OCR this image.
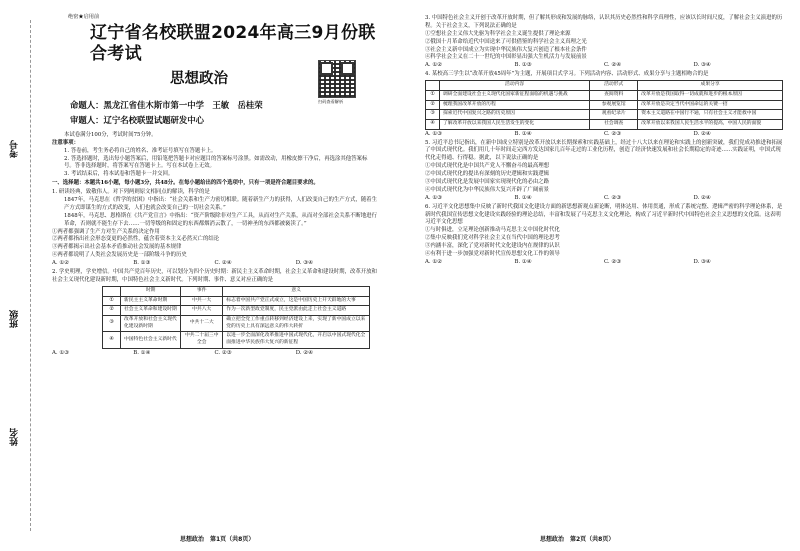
考号
班级
姓名
绝密★启用前
辽宁省名校联盟2024年高三9月份联合考试
思想政治
扫码查看解析
命题人：黑龙江省佳木斯市第一中学　王敏　岳桂荣
审题人：辽宁名校联盟试题研发中心
本试卷满分100分，考试时间75分钟。
注意事项：
1. 答卷前，考生务必将自己的姓名、准考证号填写在答题卡上。
2. 答选择题时，选出每小题答案后，用铅笔把答题卡对应题目的答案标号涂黑。如需改动，用橡皮擦干净后，再选涂其他答案标号。答非选择题时，将答案写在答题卡上。写在本试卷上无效。
3. 考试结束后，将本试卷和答题卡一并交回。
一、选择题：本题共16小题，每小题3分，共48分。在每小题给出的四个选项中，只有一项是符合题目要求的。
1. 研读经典，致敬伟人。对下列两则原文相同点的解读，科学的是
1847年，马克思在《哲学的贫困》中指出：“社会关系和生产力密切相联。随着新生产力的获得，人们改变自己的生产方式，随着生产方式即谋生的方式的改变，人们也就会改变自己的一切社会关系。”
1848年，马克思、恩格斯在《共产党宣言》中指出：“资产阶级除非对生产工具，从而对生产关系，从而对全部社会关系不断地进行革命，否则就不能生存下去……一切等级的和固定的东西都烟消云散了，一切神圣的东西都被亵渎了。”
①两者都强调了生产力对生产关系的决定作用
②两者都指出社会形态变更的必然性，蕴含着资本主义必然灭亡的结论
③两者都揭示出社会基本矛盾推动社会发展的基本规律
④两者都说明了人类社会发展历史是一部阶级斗争的历史
A. ①②	B. ①③	C. ②④	D. ③④
2. 学史明理，学史增信。中国共产党百年历史，可以划分为四个历史时期：新民主主义革命时期，社会主义革命和建设时期，改革开放和社会主义现代化建设新时期，中国特色社会主义新时代。下列时期、事件、意义对应正确的是
	时期	事件	意义
①	新民主主义革命时期	中共一大	标志着中国共产党正式成立，这是中国历史上开天辟地的大事
②	社会主义革命和建设时期	中共八大	作为一次新型政党制度，民主党派由此走上社会主义道路
③	改革开放和社会主义现代化建设新时期	中共十二大	确立把全党工作重点转移到经济建设上来，实现了新中国成立以来党的历史上具有深远意义的伟大转折
④	中国特色社会主义新时代	中共二十届三中全会	以进一步全面深化改革推进中国式现代化，开启以中国式现代化全面推进中华民族伟大复兴的新征程
A. ①③	B. ①④	C. ②③	D. ②④
3. 中国特色社会主义开创于改革开放时期，但了解其形成和发展的脉络，认识其历史必然性和科学真理性，应该以长时间尺度，了解社会主义演进的历程。关于社会主义，下列说法正确的是
①空想社会主义伟大先驱为科学社会主义诞生提供了理论来源
②俄国十月革命给近代中国送来了可供借鉴的科学社会主义真理之光
③社会主义新中国成立为实现中华民族伟大复兴创造了根本社会条件
④科学社会主义在二十一世纪的中国彰显出强大生机活力与发展前景
A. ①②	B. ①③	C. ②④	D. ③④
4. 某校高三学生以“改革开放45周年”为主题，开展项目式学习。下列活动内容、活动形式、成果分享与主题相吻合的是
	活动内容	活动形式	成果分享
①	调研全面建设社会主义现代化国家新征程面临的机遇与挑战	查阅资料	改革开放是我国取得一切成就和进步的根本原因
②	梳理我国改革开放的历程	参观展览馆	改革开放是决定当代中国命运的关键一招
③	探索近代中国复兴之路的历史原因	观看纪录片	资本主义道路在中国行不通，只有社会主义才能救中国
④	了解改革开放以来我国人民生活发生的变化	社会调查	改革开放以来我国人民生活水平的提高，中国人民的面貌
A. ①③	B. ①④	C. ②③	D. ②④
5. 习近平总书记指出，在新中国成立特别是改革开放以来长期探索和实践基础上，经过十八大以来在理论和实践上的创新突破，我们党成功推进和拓展了中国式现代化。我们用几十年时间走完西方发达国家几百年走过的工业化历程，创造了经济快速发展和社会长期稳定的奇迹……实践证明，中国式现代化走得通、行得稳。据此，以下说法正确的是
①中国式现代化是中国共产党人不懈奋斗的最高理想
②中国式现代化的提出有深刻的历史逻辑和实践逻辑
③中国式现代化是发展中国家实现现代化的必由之路
④中国式现代化为中华民族伟大复兴开辟了广阔前景
A. ①③	B. ①④	C. ②③	D. ②④
6. 习近平文化思想集中反映了新时代我国文化建设方面的新思想新观点新论断，明体达用、体用贯通，形成了系统完整、逻辑严密的科学理论体系，是新时代我国宣传思想文化建设实践经验的理论总结，丰富和发展了马克思主义文化理论，构成了习近平新时代中国特色社会主义思想的文化篇。这表明习近平文化思想
①与时俱进，立足理论创新推动马克思主义中国化时代化
②集中反映我们党对科学社会主义在当代中国的理论思考
③内涵丰富，深化了党对新时代文化建设内在规律的认识
④有利于进一步加强党对新时代宣传思想文化工作的领导
A. ①②	B. ①④	C. ②③	D. ③④
思想政治　第1页（共8页）	思想政治　第2页（共8页）
